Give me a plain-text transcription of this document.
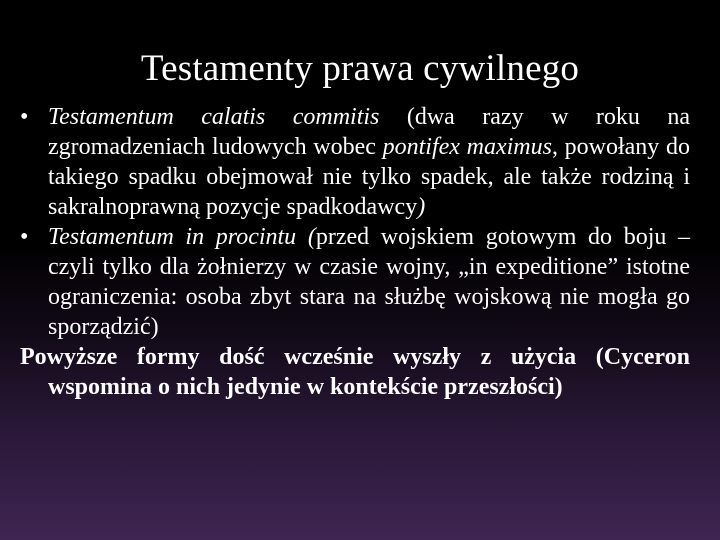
Testamenty prawa cywilnego

• Testamentum calatis commitis (dwa razy w roku na zgromadzeniach ludowych wobec pontifex maximus, powołany do takiego spadku obejmował nie tylko spadek, ale także rodziną i sakralnoprawną pozycje spadkodawcy)

• Testamentum in procintu (przed wojskiem gotowym do boju –czyli tylko dla żołnierzy w czasie wojny, „in expeditione” istotne ograniczenia: osoba zbyt stara na służbę wojskową nie mogła go sporządzić)

Powyższe formy dość wcześnie wyszły z użycia (Cyceron wspomina o nich jedynie w kontekście przeszłości)
